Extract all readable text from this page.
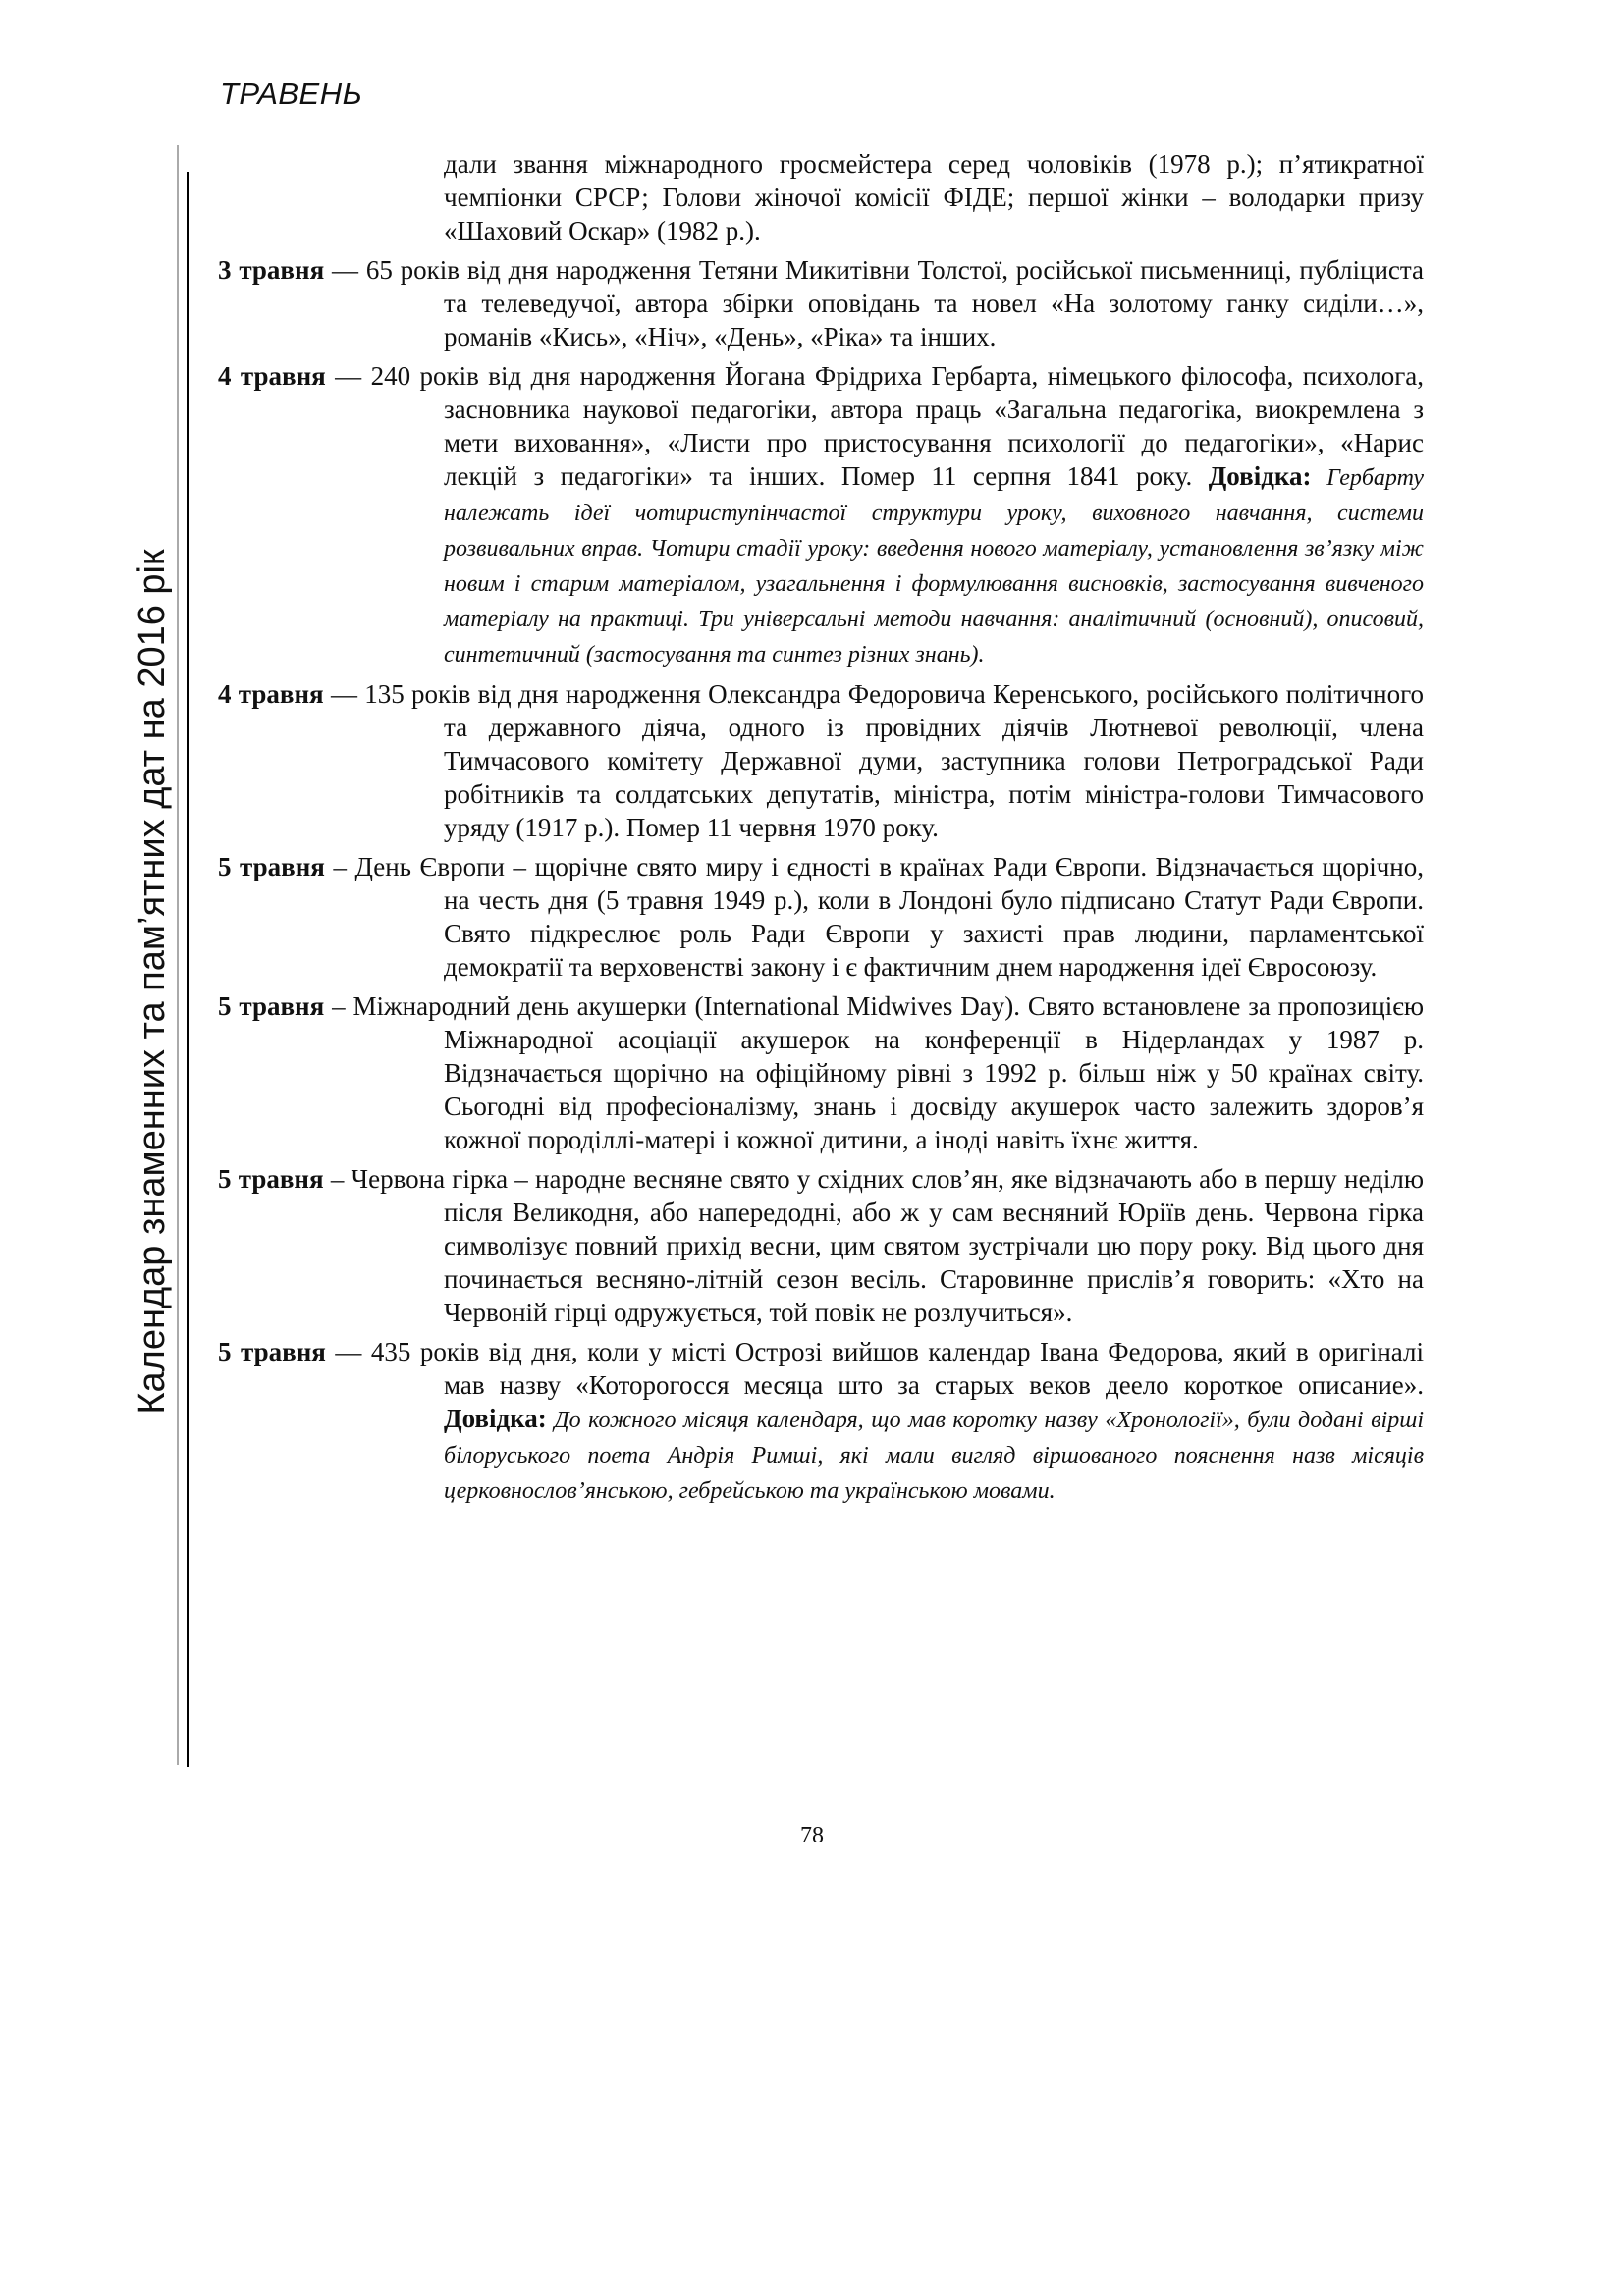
ТРАВЕНЬ
Календар знаменних та пам’ятних дат на 2016 рік

дали звання міжнародного гросмейстера серед чоловіків (1978 р.); п’ятикратної чемпіонки СРСР; Голови жіночої комісії ФІДЕ; першої жінки – володарки призу «Шаховий Оскар» (1982 р.).

3 травня — 65 років від дня народження Тетяни Микитівни Толстої, російської письменниці, публіциста та телеведучої, автора збірки оповідань та новел «На золотому ганку сиділи…», романів «Кись», «Ніч», «День», «Ріка» та інших.

4 травня — 240 років від дня народження Йогана Фрідриха Гербарта, німецького філософа, психолога, засновника наукової педагогіки, автора праць «Загальна педагогіка, виокремлена з мети виховання», «Листи про пристосування психології до педагогіки», «Нарис лекцій з педагогіки» та інших. Помер 11 серпня 1841 року. Довідка: Гербарту належать ідеї чотириступінчастої структури уроку, виховного навчання, системи розвивальних вправ. Чотири стадії уроку: введення нового матеріалу, установлення зв’язку між новим і старим матеріалом, узагальнення і формулювання висновків, застосування вивченого матеріалу на практиці. Три універсальні методи навчання: аналітичний (основний), описовий, синтетичний (застосування та синтез різних знань).

4 травня — 135 років від дня народження Олександра Федоровича Керенського, російського політичного та державного діяча, одного із провідних діячів Лютневої революції, члена Тимчасового комітету Державної думи, заступника голови Петроградської Ради робітників та солдатських депутатів, міністра, потім міністра-голови Тимчасового уряду (1917 р.). Помер 11 червня 1970 року.

5 травня – День Європи – щорічне свято миру і єдності в країнах Ради Європи. Відзначається щорічно, на честь дня (5 травня 1949 р.), коли в Лондоні було підписано Статут Ради Європи. Свято підкреслює роль Ради Європи у захисті прав людини, парламентської демократії та верховенстві закону і є фактичним днем народження ідеї Євросоюзу.

5 травня – Міжнародний день акушерки (International Midwives Day). Свято встановлене за пропозицією Міжнародної асоціації акушерок на конференції в Нідерландах у 1987 р. Відзначається щорічно на офіційному рівні з 1992 р. більш ніж у 50 країнах світу. Сьогодні від професіоналізму, знань і досвіду акушерок часто залежить здоров’я кожної породіллі-матері і кожної дитини, а іноді навіть їхнє життя.

5 травня – Червона гірка – народне весняне свято у східних слов’ян, яке відзначають або в першу неділю після Великодня, або напередодні, або ж у сам весняний Юріїв день. Червона гірка символізує повний прихід весни, цим святом зустрічали цю пору року. Від цього дня починається весняно-літній сезон весіль. Старовинне прислів’я говорить: «Хто на Червоній гірці одружується, той повік не розлучиться».

5 травня — 435 років від дня, коли у місті Острозі вийшов календар Івана Федорова, який в оригіналі мав назву «Которогосся месяца што за старых веков деело короткое описание». Довідка: До кожного місяця календаря, що мав коротку назву «Хронології», були додані вірші білоруського поета Андрія Римші, які мали вигляд віршованого пояснення назв місяців церковнослов’янською, гебрейською та українською мовами.

78
